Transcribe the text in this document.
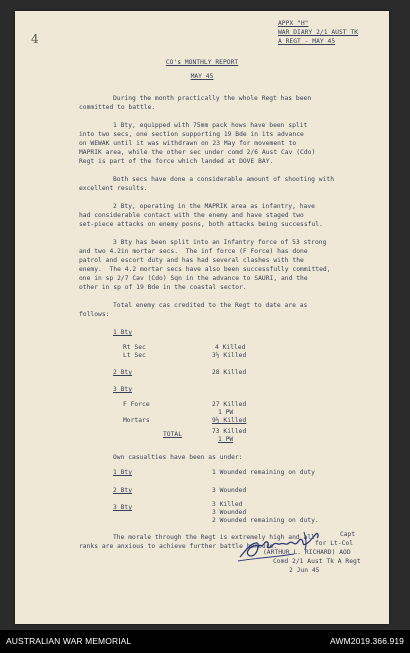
4
APPX "H"
WAR DIARY 2/1 AUST TK
A REGT - MAY 45
CO's MONTHLY REPORT
MAY 45
During the month practically the whole Regt has been
committed to battle.
1 Bty, equipped with 75mm pack hows have been split
into two secs, one section supporting 19 Bde in its advance
on WEWAK until it was withdrawn on 23 May for movement to
MAPRIK area, while the other sec under comd 2/6 Aust Cav (Cdo)
Regt is part of the force which landed at DOVE BAY.
Both secs have done a considerable amount of shooting with
excellent results.
2 Bty, operating in the MAPRIK area as infantry, have
had considerable contact with the enemy and have staged two
set-piece attacks on enemy posns, both attacks being successful.
3 Bty has been split into an Infantry force of 53 strong
and two 4.2in mortar secs.  The inf force (F Force) has done
patrol and escort duty and has had several clashes with the
enemy.  The 4.2 mortar secs have also been successfully committed,
one in sp 2/7 Cav (Cdo) Sqn in the advance to SAURI, and the
other in sp of 19 Bde in the coastal sector.
Total enemy cas credited to the Regt to date are as
follows:
1 Bty
Rt Sec	4 Killed
Lt Sec	3½ Killed
2 Bty	28 Killed
3 Bty
F Force	27 Killed
1 PW
Mortars	9½ Killed
TOTAL	73 Killed
1 PW
Own casualties have been as under:
1 Bty	1 Wounded remaining on duty
2 Bty	3 Wounded
3 Bty	3 Killed
3 Wounded
2 Wounded remaining on duty.
The morale through the Regt is extremely high and all
ranks are anxious to achieve further battle honours.
Capt
for Lt-Col
(ARTHUR L. RICHARD) AOD
Comd 2/1 Aust Tk A Regt
2 Jun 45
AUSTRALIAN WAR MEMORIAL	AWM2019.366.919
